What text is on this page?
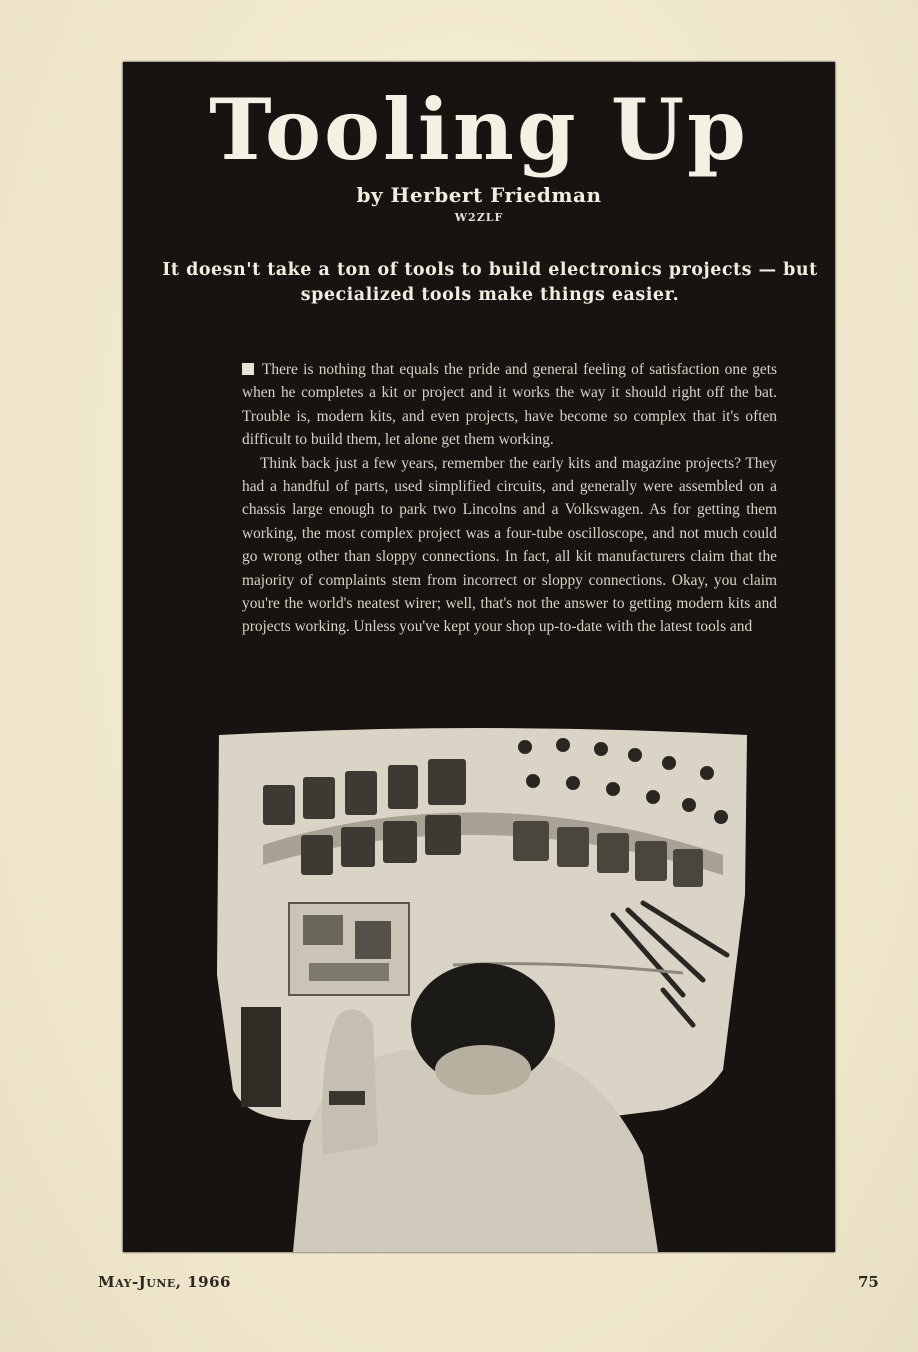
Tooling Up
by Herbert Friedman
W2ZLF
It doesn't take a ton of tools to build electronics projects — but specialized tools make things easier.

There is nothing that equals the pride and general feeling of satisfaction one gets when he completes a kit or project and it works the way it should right off the bat. Trouble is, modern kits, and even projects, have become so complex that it's often difficult to build them, let alone get them working.

Think back just a few years, remember the early kits and magazine projects? They had a handful of parts, used simplified circuits, and generally were assembled on a chassis large enough to park two Lincolns and a Volkswagen. As for getting them working, the most complex project was a four-tube oscilloscope, and not much could go wrong other than sloppy connections. In fact, all kit manufacturers claim that the majority of complaints stem from incorrect or sloppy connections. Okay, you claim you're the world's neatest wirer; well, that's not the answer to getting modern kits and projects working. Unless you've kept your shop up-to-date with the latest tools and

May-June, 1966	75
